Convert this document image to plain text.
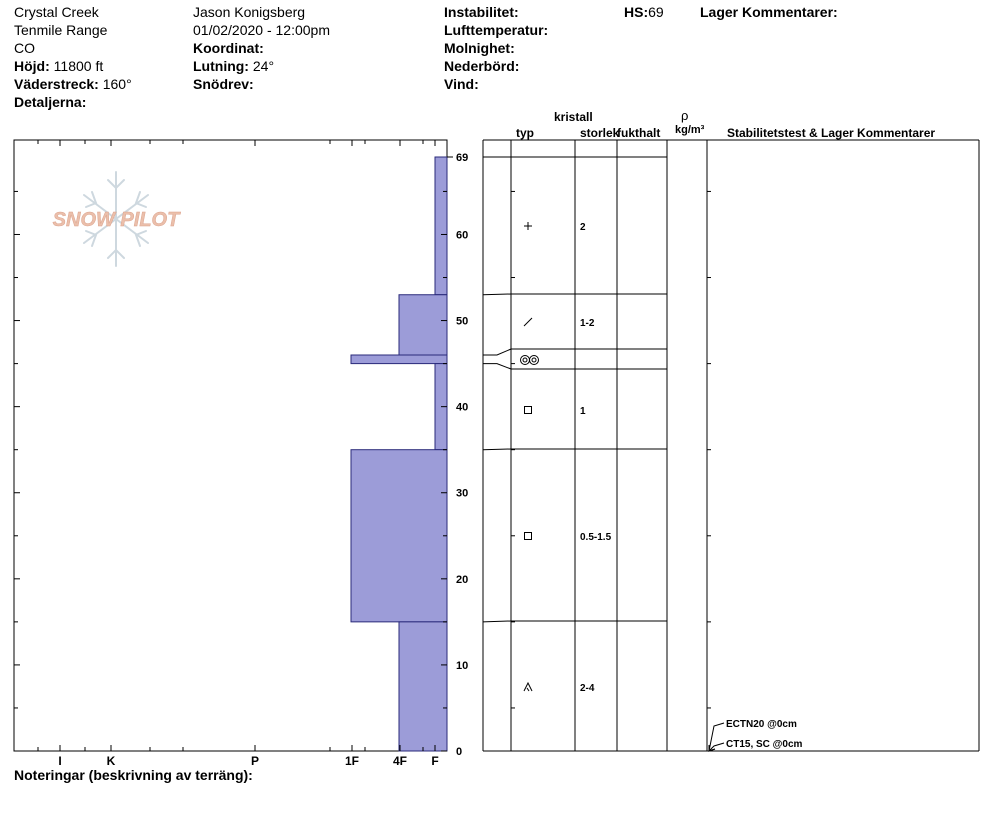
Crystal Creek
Tenmile Range
CO
Höjd: 11800 ft
Väderstreck: 160°
Detaljerna:
Jason Konigsberg
01/02/2020 - 12:00pm
Koordinat:
Lutning: 24°
Snödrev:
Instabilitet:
Lufttemperatur:
Molnighet:
Nederbörd:
Vind:
HS:69	Lager Kommentarer:
kristall
typ	storlek
fukthalt
ρ
kg/m³ Stabilitetstest & Lager Kommentarer
SNOW PILOT
0
10
20
30
40
50
60
69
I	K	P	1F	4F F
2
1-2
1
0.5-1.5
2-4
ECTN20 @0cm
CT15, SC @0cm
Noteringar (beskrivning av terräng):
